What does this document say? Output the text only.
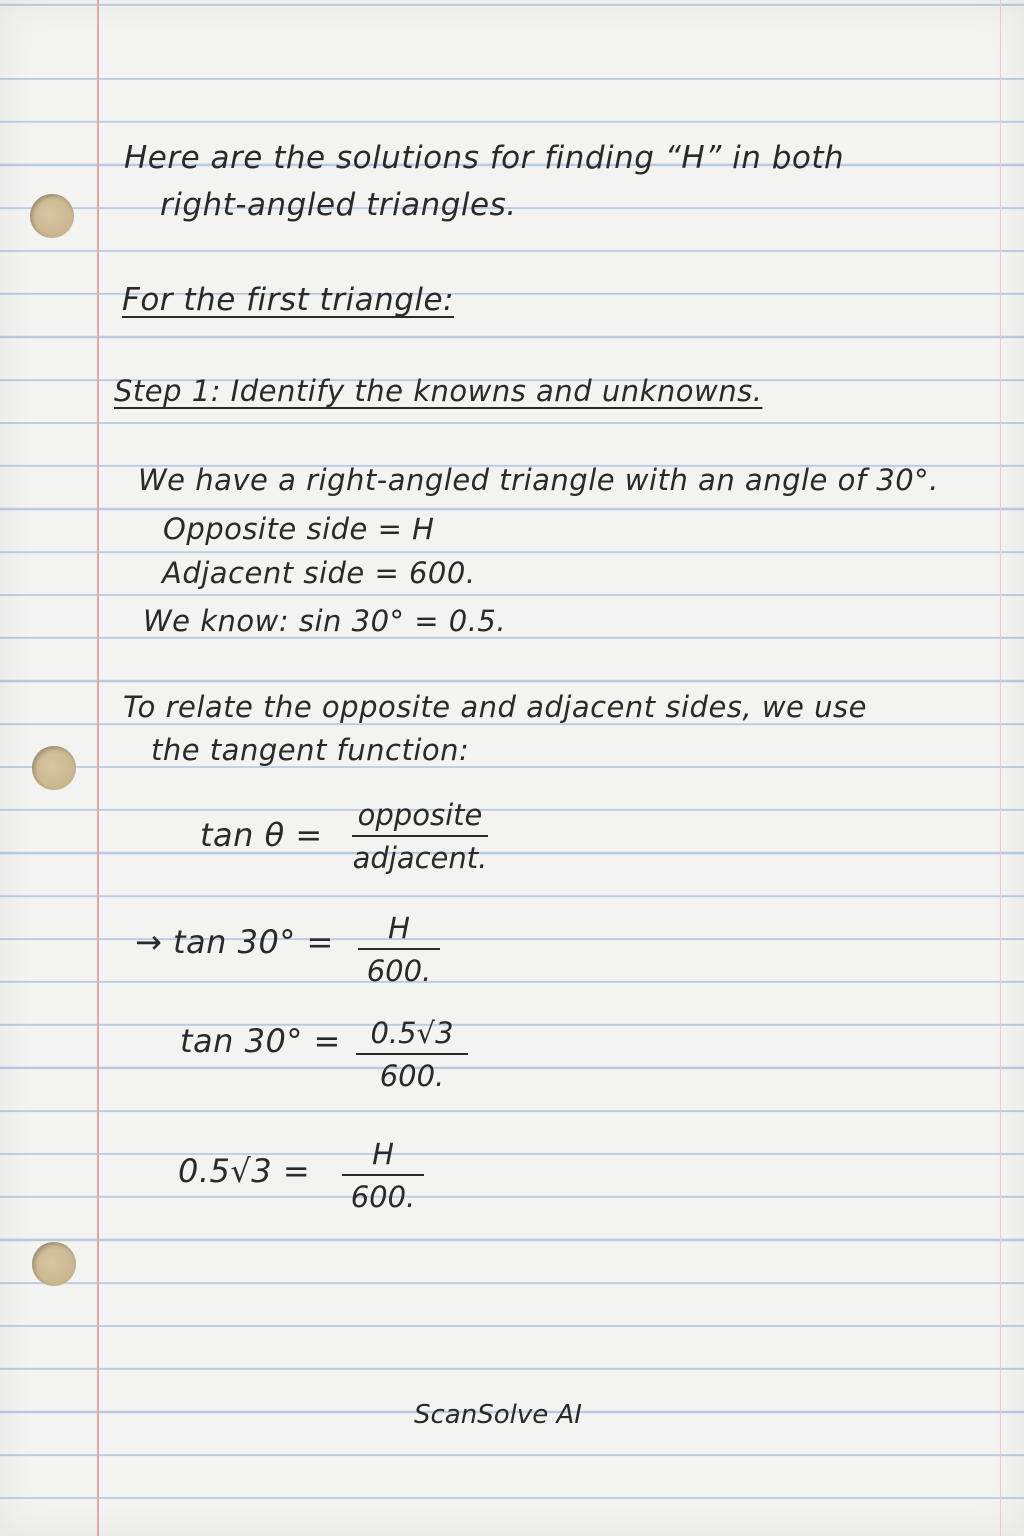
Here are the solutions for finding “H” in both
right-angled triangles.
For the first triangle:
Step 1: Identify the knowns and unknowns.
We have a right-angled triangle with an angle of 30°.
Opposite side = H
Adjacent side = 600.
We know: sin 30° = 0.5.
To relate the opposite and adjacent sides, we use
the tangent function:
tan θ =
opposite
adjacent.
→ tan 30° =	H
600.
tan 30° =	0.5√3
600.
0.5√3 =	H
600.
ScanSolve AI
